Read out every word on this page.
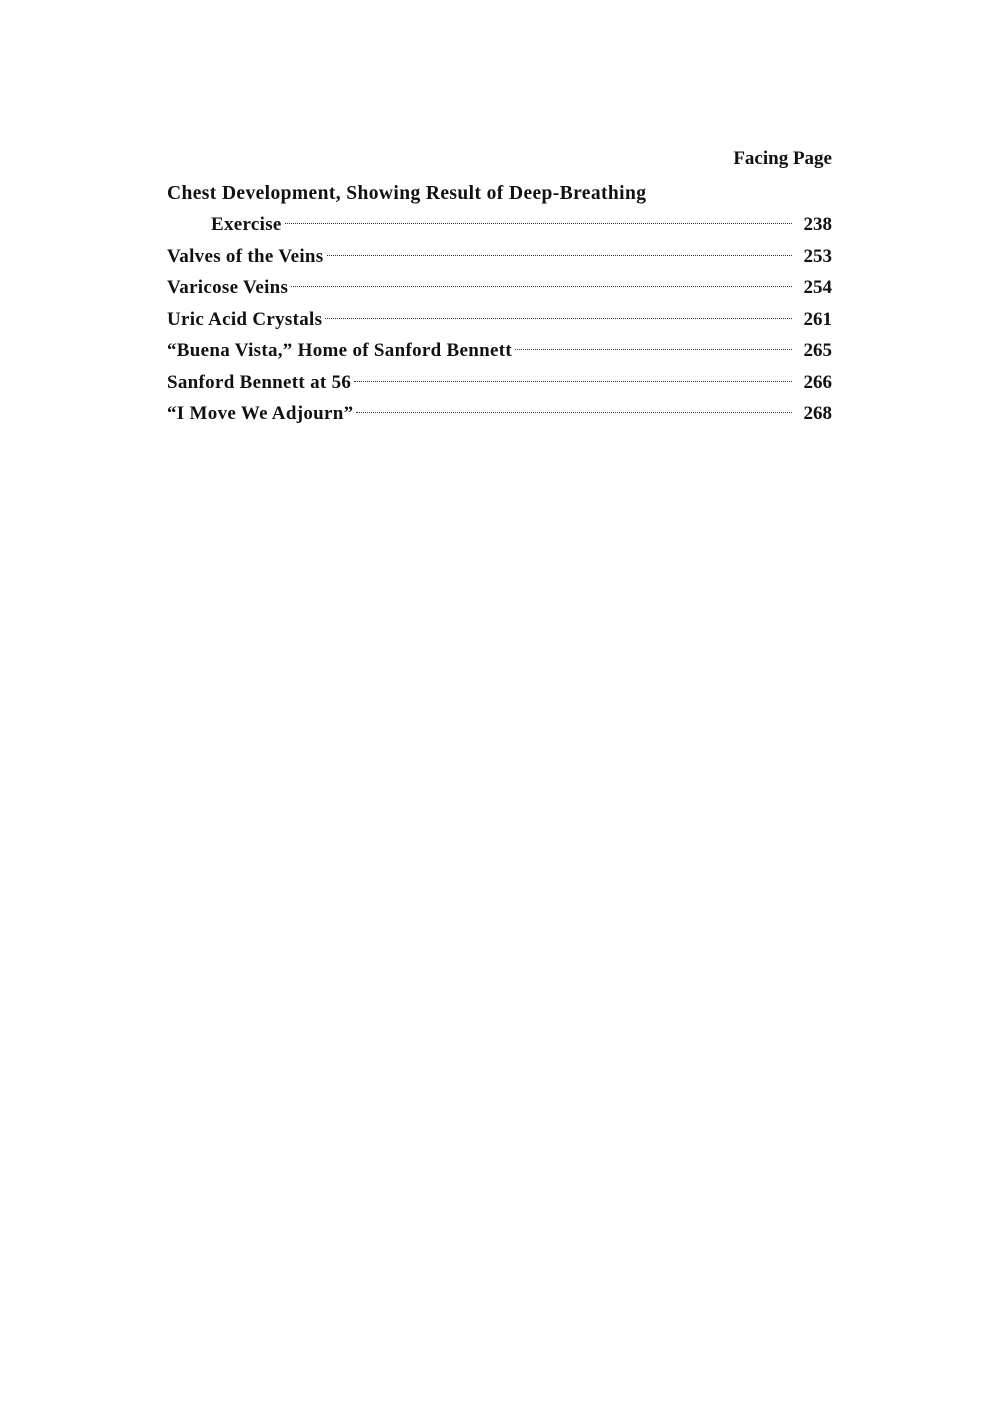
Facing Page
Chest Development, Showing Result of Deep-Breathing
Exercise	238
Valves of the Veins	253
Varicose Veins	254
Uric Acid Crystals	261
“Buena Vista,” Home of Sanford Bennett	265
Sanford Bennett at 56	266
“I Move We Adjourn”	268
